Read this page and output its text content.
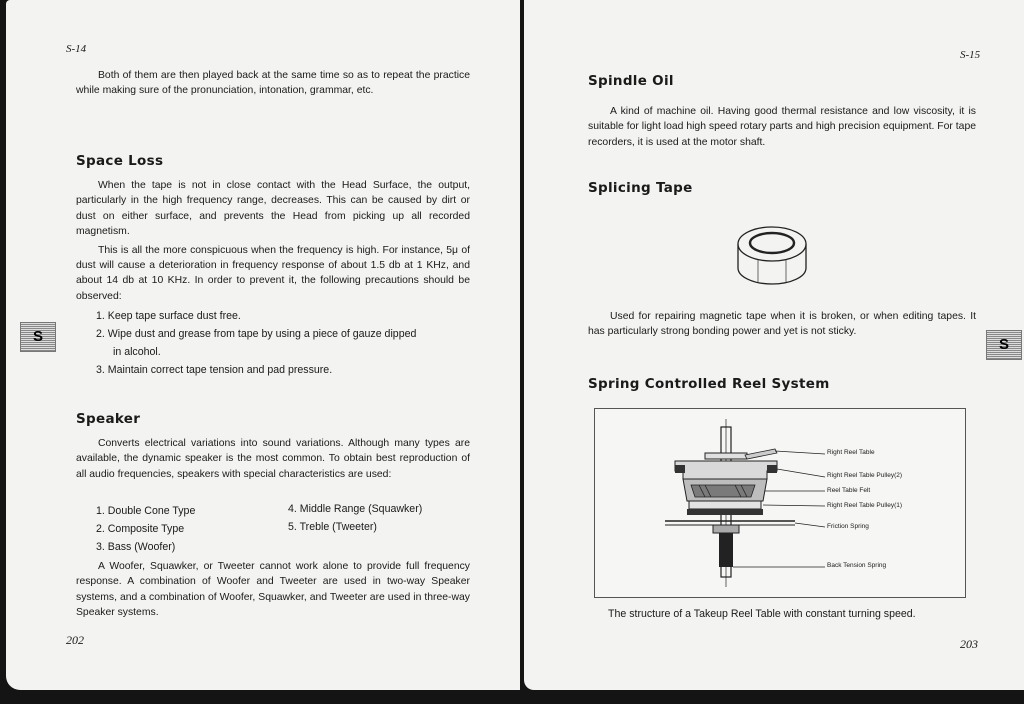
S-14

Both of them are then played back at the same time so as to repeat the practice while making sure of the pronunciation, intonation, grammar, etc.

Space Loss

When the tape is not in close contact with the Head Surface, the output, particularly in the high frequency range, decreases. This can be caused by dirt or dust on either surface, and prevents the Head from picking up all recorded magnetism.

This is all the more conspicuous when the frequency is high. For instance, 5μ of dust will cause a deterioration in frequency response of about 1.5 db at 1 KHz, and about 14 db at 10 KHz. In order to prevent it, the following precautions should be observed:

1. Keep tape surface dust free.
2. Wipe dust and grease from tape by using a piece of gauze dipped
in alcohol.
3. Maintain correct tape tension and pad pressure.
Speaker

Converts electrical variations into sound variations. Although many types are available, the dynamic speaker is the most common. To obtain best reproduction of all audio frequencies, speakers with special characteristics are used:

1. Double Cone Type
2. Composite Type
3. Bass (Woofer)
4. Middle Range (Squawker)
5. Treble (Tweeter)

A Woofer, Squawker, or Tweeter cannot work alone to provide full frequency response. A combination of Woofer and Tweeter are used in two-way Speaker systems, and a combination of Woofer, Squawker, and Tweeter are used in three-way Speaker systems.

202
S
S-15
Spindle Oil

A kind of machine oil. Having good thermal resistance and low viscosity, it is suitable for light load high speed rotary parts and high precision equipment. For tape recorders, it is used at the motor shaft.

Splicing Tape

Used for repairing magnetic tape when it is broken, or when editing tapes. It has particularly strong bonding power and yet is not sticky.

Spring Controlled Reel System
Right Reel Table
Right Reel Table Pulley(2)
Reel Table Felt
Right Reel Table Pulley(1)
Friction Spring
Back Tension Spring
The structure of a Takeup Reel Table with constant turning speed.
203
S
